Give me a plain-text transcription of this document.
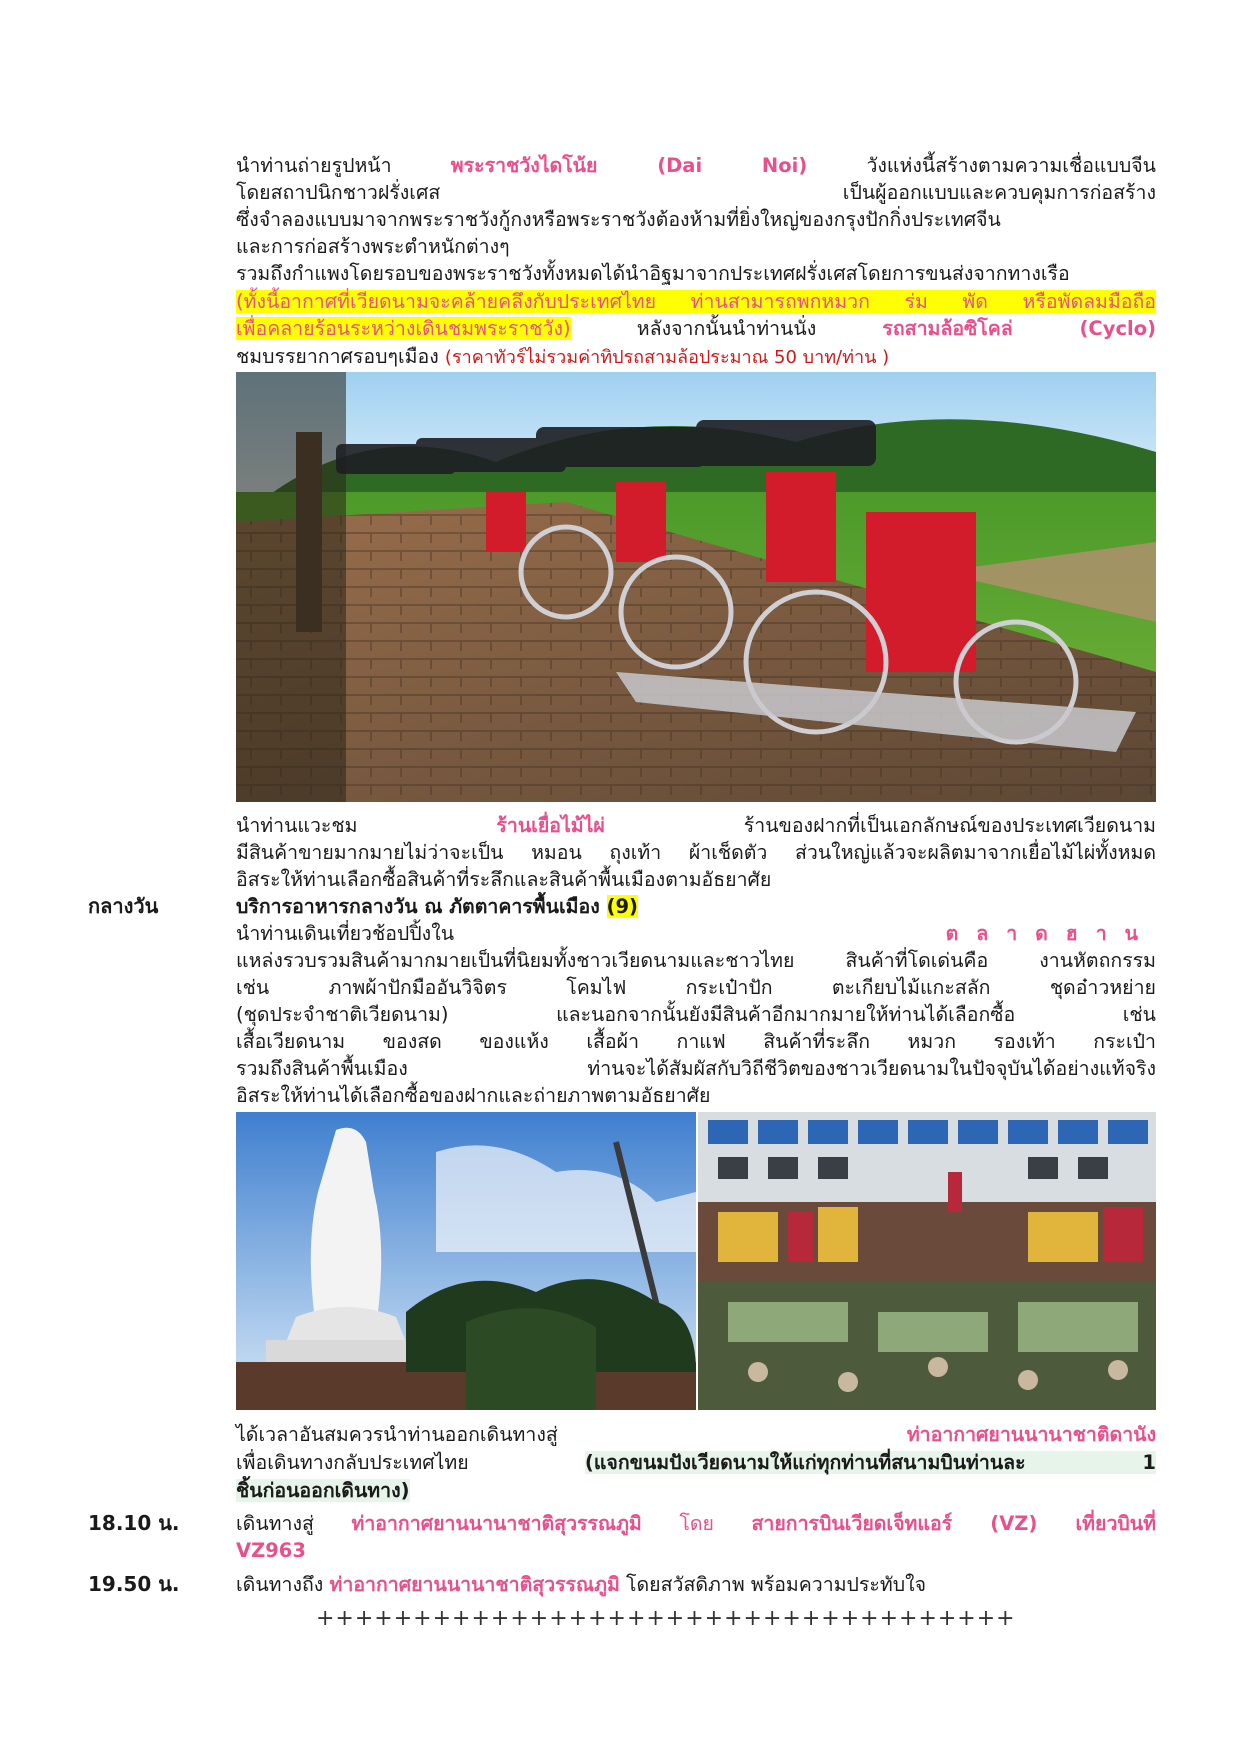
นำท่านถ่ายรูปหน้า	พระราชวังไดโน้ย (Dai Noi)	วังแห่งนี้สร้างตามความเชื่อแบบจีน
โดยสถาปนิกชาวฝรั่งเศส เป็นผู้ออกแบบและควบคุมการก่อสร้าง
ซึ่งจำลองแบบมาจากพระราชวังกู้กงหรือพระราชวังต้องห้ามที่ยิ่งใหญ่ของกรุงปักกิ่งประเทศจีน
และการก่อสร้างพระตำหนักต่างๆ
รวมถึงกำแพงโดยรอบของพระราชวังทั้งหมดได้นำอิฐมาจากประเทศฝรั่งเศสโดยการขนส่งจากทางเรือ
(ทั้งนี้อากาศที่เวียดนามจะคล้ายคลึงกับประเทศไทย ท่านสามารถพกหมวก ร่ม พัด หรือพัดลมมือถือ
เพื่อคลายร้อนระหว่างเดินชมพระราชวัง)	หลังจากนั้นนำท่านนั่ง	รถสามล้อซิโคล่ (Cyclo)
ชมบรรยากาศรอบๆเมือง (ราคาทัวร์ไม่รวมค่าทิปรถสามล้อประมาณ 50 บาท/ท่าน )
นำท่านแวะชม	ร้านเยื่อไม้ไผ่	ร้านของฝากที่เป็นเอกลักษณ์ของประเทศเวียดนาม
มีสินค้าขายมากมายไม่ว่าจะเป็น หมอน ถุงเท้า ผ้าเช็ดตัว ส่วนใหญ่แล้วจะผลิตมาจากเยื่อไม้ไผ่ทั้งหมด
อิสระให้ท่านเลือกซื้อสินค้าที่ระลึกและสินค้าพื้นเมืองตามอัธยาศัย
กลางวัน	บริการอาหารกลางวัน ณ ภัตตาคารพื้นเมือง (9)
นำท่านเดินเที่ยวช้อปปิ้งใน	ตลาดฮาน
แหล่งรวบรวมสินค้ามากมายเป็นที่นิยมทั้งชาวเวียดนามและชาวไทย สินค้าที่โดเด่นคือ งานหัตถกรรม
เช่น ภาพผ้าปักมืออันวิจิตร โคมไฟ กระเป๋าปัก ตะเกียบไม้แกะสลัก ชุดอ๋าวหย่าย
(ชุดประจำชาติเวียดนาม) และนอกจากนั้นยังมีสินค้าอีกมากมายให้ท่านได้เลือกซื้อ เช่น
เสื้อเวียดนาม ของสด ของแห้ง เสื้อผ้า กาแฟ สินค้าที่ระลึก หมวก รองเท้า กระเป๋า
รวมถึงสินค้าพื้นเมือง ท่านจะได้สัมผัสกับวิถีชีวิตของชาวเวียดนามในปัจจุบันได้อย่างแท้จริง
อิสระให้ท่านได้เลือกซื้อของฝากและถ่ายภาพตามอัธยาศัย
ได้เวลาอันสมควรนำท่านออกเดินทางสู่	ท่าอากาศยานนานาชาติดานัง
เพื่อเดินทางกลับประเทศไทย	(แจกขนมปังเวียดนามให้แก่ทุกท่านที่สนามบินท่านละ 1
ชิ้นก่อนออกเดินทาง)
18.10 น.	เดินทางสู่ ท่าอากาศยานนานาชาติสุวรรณภูมิ โดย สายการบินเวียดเจ็ทแอร์ (VZ) เที่ยวบินที่
VZ963
19.50 น.	เดินทางถึง ท่าอากาศยานนานาชาติสุวรรณภูมิ โดยสวัสดิภาพ พร้อมความประทับใจ
++++++++++++++++++++++++++++++++++++
